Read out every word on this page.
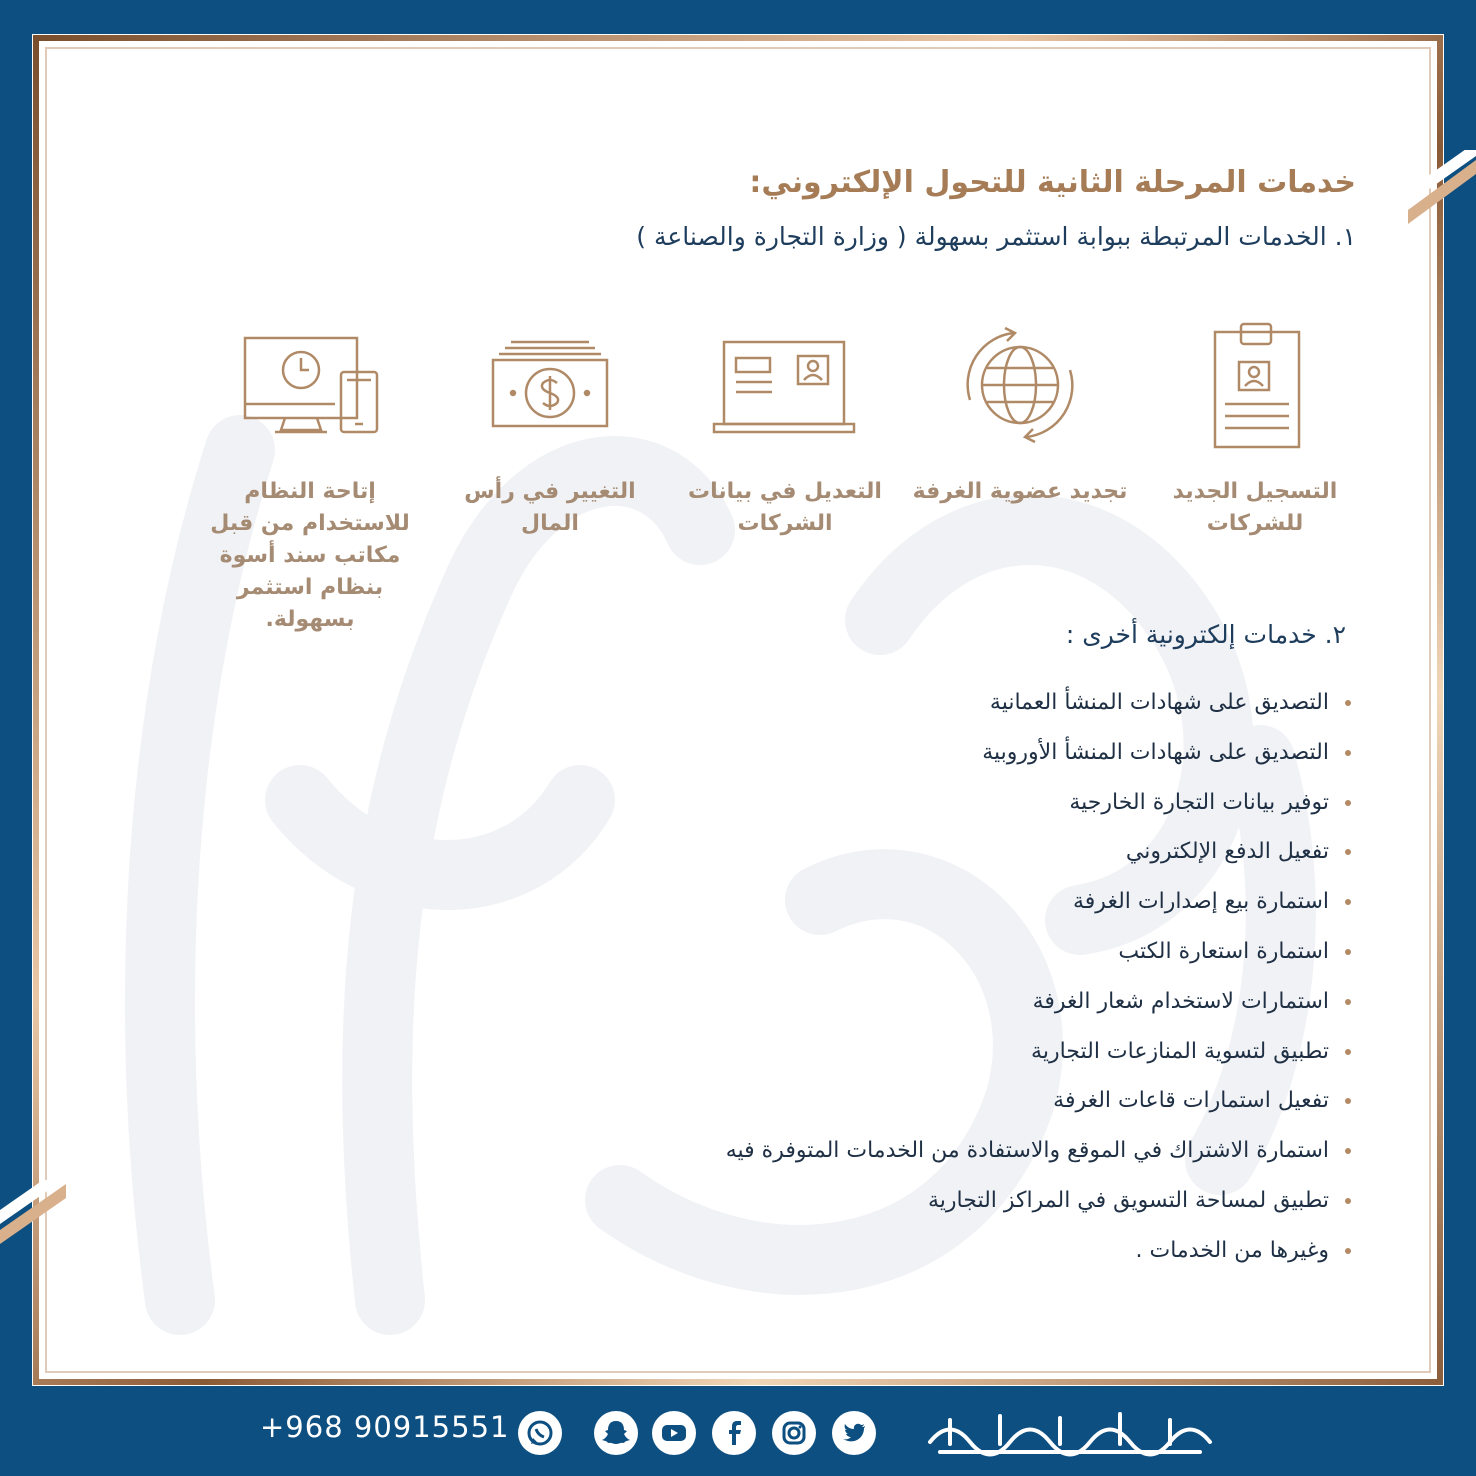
خدمات المرحلة الثانية للتحول الإلكتروني:
١. الخدمات المرتبطة ببوابة استثمر بسهولة ( وزارة التجارة والصناعة )
التسجيل الجديد للشركات
تجديد عضوية الغرفة
التعديل في بيانات الشركات
التغيير في رأس المال
إتاحة النظام للاستخدام من قبل مكاتب سند أسوة بنظام استثمر بسهولة.
٢. خدمات إلكترونية أخرى :
التصديق على شهادات المنشأ العمانية
التصديق على شهادات المنشأ الأوروبية
توفير بيانات التجارة الخارجية
تفعيل الدفع الإلكتروني
استمارة بيع إصدارات الغرفة
استمارة استعارة الكتب
استمارات لاستخدام شعار الغرفة
تطبيق لتسوية المنازعات التجارية
تفعيل استمارات قاعات الغرفة
استمارة الاشتراك في الموقع والاستفادة من الخدمات المتوفرة فيه
تطبيق لمساحة التسويق في المراكز التجارية
وغيرها من الخدمات .
+968 90915551
